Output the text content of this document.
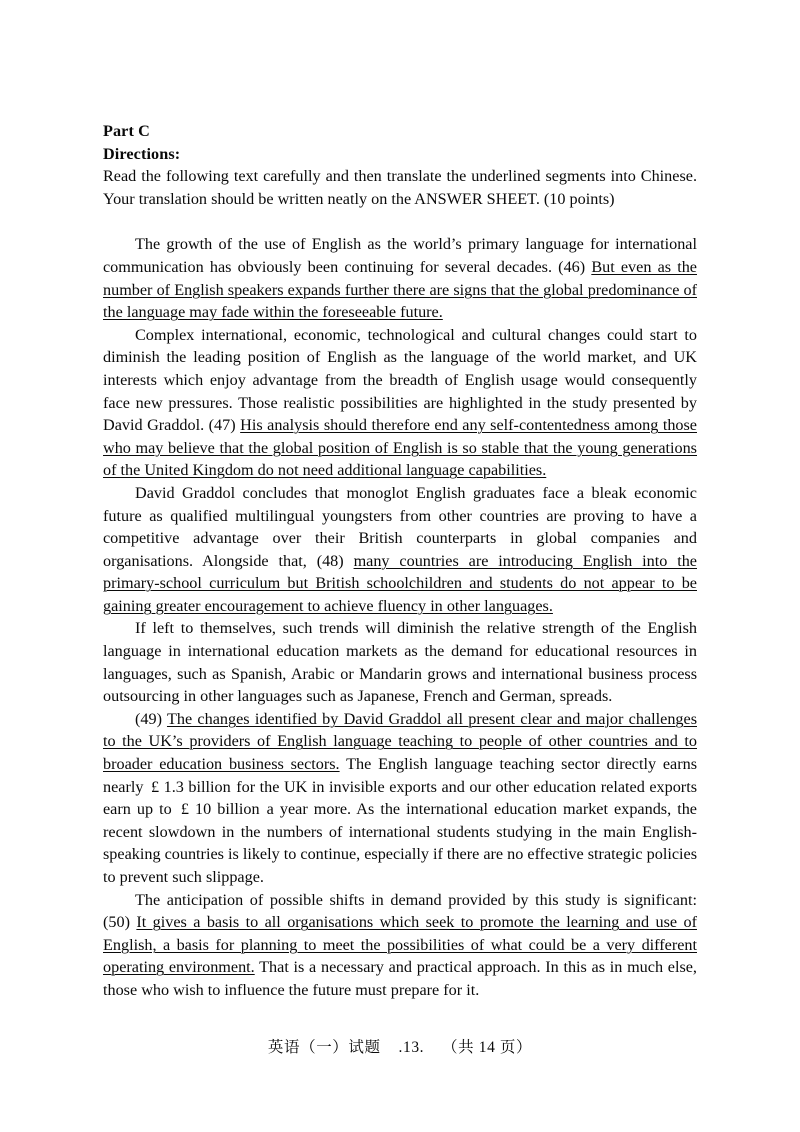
Part C
Directions:

Read the following text carefully and then translate the underlined segments into Chinese. Your translation should be written neatly on the ANSWER SHEET. (10 points)

The growth of the use of English as the world’s primary language for international communication has obviously been continuing for several decades. (46) But even as the number of English speakers expands further there are signs that the global predominance of the language may fade within the foreseeable future.

Complex international, economic, technological and cultural changes could start to diminish the leading position of English as the language of the world market, and UK interests which enjoy advantage from the breadth of English usage would consequently face new pressures. Those realistic possibilities are highlighted in the study presented by David Graddol. (47) His analysis should therefore end any self-contentedness among those who may believe that the global position of English is so stable that the young generations of the United Kingdom do not need additional language capabilities.

David Graddol concludes that monoglot English graduates face a bleak economic future as qualified multilingual youngsters from other countries are proving to have a competitive advantage over their British counterparts in global companies and organisations. Alongside that, (48) many countries are introducing English into the primary-school curriculum but British schoolchildren and students do not appear to be gaining greater encouragement to achieve fluency in other languages.

If left to themselves, such trends will diminish the relative strength of the English language in international education markets as the demand for educational resources in languages, such as Spanish, Arabic or Mandarin grows and international business process outsourcing in other languages such as Japanese, French and German, spreads.

(49) The changes identified by David Graddol all present clear and major challenges to the UK’s providers of English language teaching to people of other countries and to broader education business sectors. The English language teaching sector directly earns nearly £ 1.3 billion for the UK in invisible exports and our other education related exports earn up to £ 10 billion a year more. As the international education market expands, the recent slowdown in the numbers of international students studying in the main English-speaking countries is likely to continue, especially if there are no effective strategic policies to prevent such slippage.

The anticipation of possible shifts in demand provided by this study is significant: (50) It gives a basis to all organisations which seek to promote the learning and use of English, a basis for planning to meet the possibilities of what could be a very different operating environment. That is a necessary and practical approach. In this as in much else, those who wish to influence the future must prepare for it.

英语（一）试题    .13.    （共 14 页）
